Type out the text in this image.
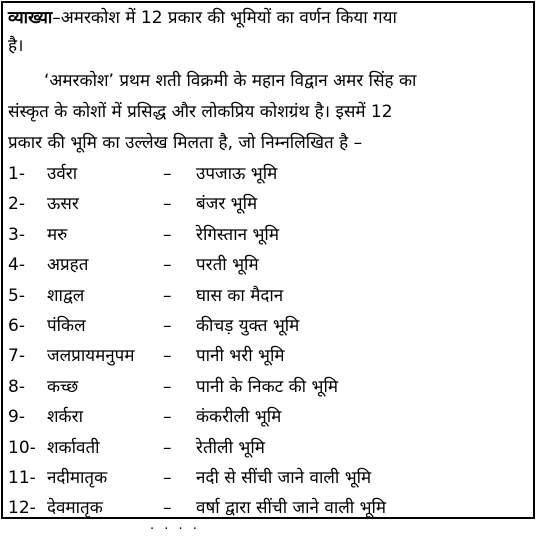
व्याख्या–अमरकोश में 12 प्रकार की भूमियों का वर्णन किया गया
है।
‘अमरकोश’ प्रथम शती विक्रमी के महान विद्वान अमर सिंह का
संस्कृत के कोशों में प्रसिद्ध और लोकप्रिय कोशग्रंथ है। इसमें 12
प्रकार की भूमि का उल्लेख मिलता है, जो निम्नलिखित है –
1- उर्वरा	– उपजाऊ भूमि
2- ऊसर	– बंजर भूमि
3- मरु	– रेगिस्तान भूमि
4- अप्रहत	– परती भूमि
5- शाद्वल	– घास का मैदान
6- पंकिल	– कीचड़ युक्त भूमि
7- जलप्रायमनुपम – पानी भरी भूमि
8- कच्छ	– पानी के निकट की भूमि
9- शर्करा	– कंकरीली भूमि
10- शर्कावती	– रेतीली भूमि
11- नदीमातृक	– नदी से सींची जाने वाली भूमि
12- देवमातृक	– वर्षा द्वारा सींची जाने वाली भूमि
· · · ·
